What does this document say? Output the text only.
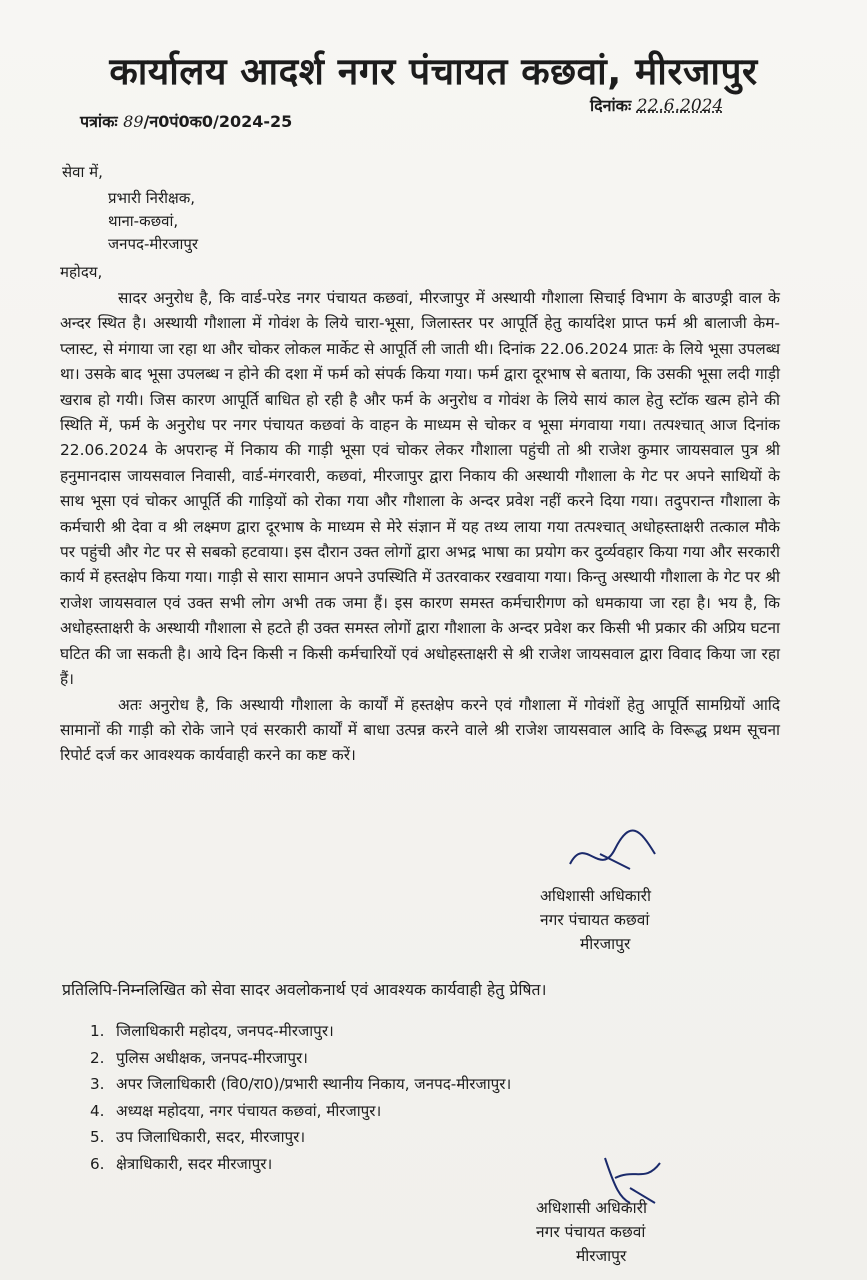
कार्यालय आदर्श नगर पंचायत कछवां, मीरजापुर
पत्रांकः 89/न0पं0क0/2024-25
दिनांकः 22.6.2024
सेवा में,
प्रभारी निरीक्षक,
थाना-कछवां,
जनपद-मीरजापुर
महोदय,

सादर अनुरोध है, कि वार्ड-परेड नगर पंचायत कछवां, मीरजापुर में अस्थायी गौशाला सिचाई विभाग के बाउण्ड्री वाल के अन्दर स्थित है। अस्थायी गौशाला में गोवंश के लिये चारा-भूसा, जिलास्तर पर आपूर्ति हेतु कार्यादेश प्राप्त फर्म श्री बालाजी केम-प्लास्ट, से मंगाया जा रहा था और चोकर लोकल मार्केट से आपूर्ति ली जाती थी। दिनांक 22.06.2024 प्रातः के लिये भूसा उपलब्ध था। उसके बाद भूसा उपलब्ध न होने की दशा में फर्म को संपर्क किया गया। फर्म द्वारा दूरभाष से बताया, कि उसकी भूसा लदी गाड़ी खराब हो गयी। जिस कारण आपूर्ति बाधित हो रही है और फर्म के अनुरोध व गोवंश के लिये सायं काल हेतु स्टॉक खत्म होने की स्थिति में, फर्म के अनुरोध पर नगर पंचायत कछवां के वाहन के माध्यम से चोकर व भूसा मंगवाया गया। तत्पश्चात् आज दिनांक 22.06.2024 के अपरान्ह में निकाय की गाड़ी भूसा एवं चोकर लेकर गौशाला पहुंची तो श्री राजेश कुमार जायसवाल पुत्र श्री हनुमानदास जायसवाल निवासी, वार्ड-मंगरवारी, कछवां, मीरजापुर द्वारा निकाय की अस्थायी गौशाला के गेट पर अपने साथियों के साथ भूसा एवं चोकर आपूर्ति की गाड़ियों को रोका गया और गौशाला के अन्दर प्रवेश नहीं करने दिया गया। तदुपरान्त गौशाला के कर्मचारी श्री देवा व श्री लक्ष्मण द्वारा दूरभाष के माध्यम से मेरे संज्ञान में यह तथ्य लाया गया तत्पश्चात् अधोहस्ताक्षरी तत्काल मौके पर पहुंची और गेट पर से सबको हटवाया। इस दौरान उक्त लोगों द्वारा अभद्र भाषा का प्रयोग कर दुर्व्यवहार किया गया और सरकारी कार्य में हस्तक्षेप किया गया। गाड़ी से सारा सामान अपने उपस्थिति में उतरवाकर रखवाया गया। किन्तु अस्थायी गौशाला के गेट पर श्री राजेश जायसवाल एवं उक्त सभी लोग अभी तक जमा हैं। इस कारण समस्त कर्मचारीगण को धमकाया जा रहा है। भय है, कि अधोहस्ताक्षरी के अस्थायी गौशाला से हटते ही उक्त समस्त लोगों द्वारा गौशाला के अन्दर प्रवेश कर किसी भी प्रकार की अप्रिय घटना घटित की जा सकती है। आये दिन किसी न किसी कर्मचारियों एवं अधोहस्ताक्षरी से श्री राजेश जायसवाल द्वारा विवाद किया जा रहा हैं।

अतः अनुरोध है, कि अस्थायी गौशाला के कार्यों में हस्तक्षेप करने एवं गौशाला में गोवंशों हेतु आपूर्ति सामग्रियों आदि सामानों की गाड़ी को रोके जाने एवं सरकारी कार्यों में बाधा उत्पन्न करने वाले श्री राजेश जायसवाल आदि के विरूद्ध प्रथम सूचना रिपोर्ट दर्ज कर आवश्यक कार्यवाही करने का कष्ट करें।

अधिशासी अधिकारी
नगर पंचायत कछवां
मीरजापुर
प्रतिलिपि-निम्नलिखित को सेवा सादर अवलोकनार्थ एवं आवश्यक कार्यवाही हेतु प्रेषित।
1. जिलाधिकारी महोदय, जनपद-मीरजापुर।
2. पुलिस अधीक्षक, जनपद-मीरजापुर।
3. अपर जिलाधिकारी (वि0/रा0)/प्रभारी स्थानीय निकाय, जनपद-मीरजापुर।
4. अध्यक्ष महोदया, नगर पंचायत कछवां, मीरजापुर।
5. उप जिलाधिकारी, सदर, मीरजापुर।
6. क्षेत्राधिकारी, सदर मीरजापुर।
अधिशासी अधिकारी
नगर पंचायत कछवां
मीरजापुर
